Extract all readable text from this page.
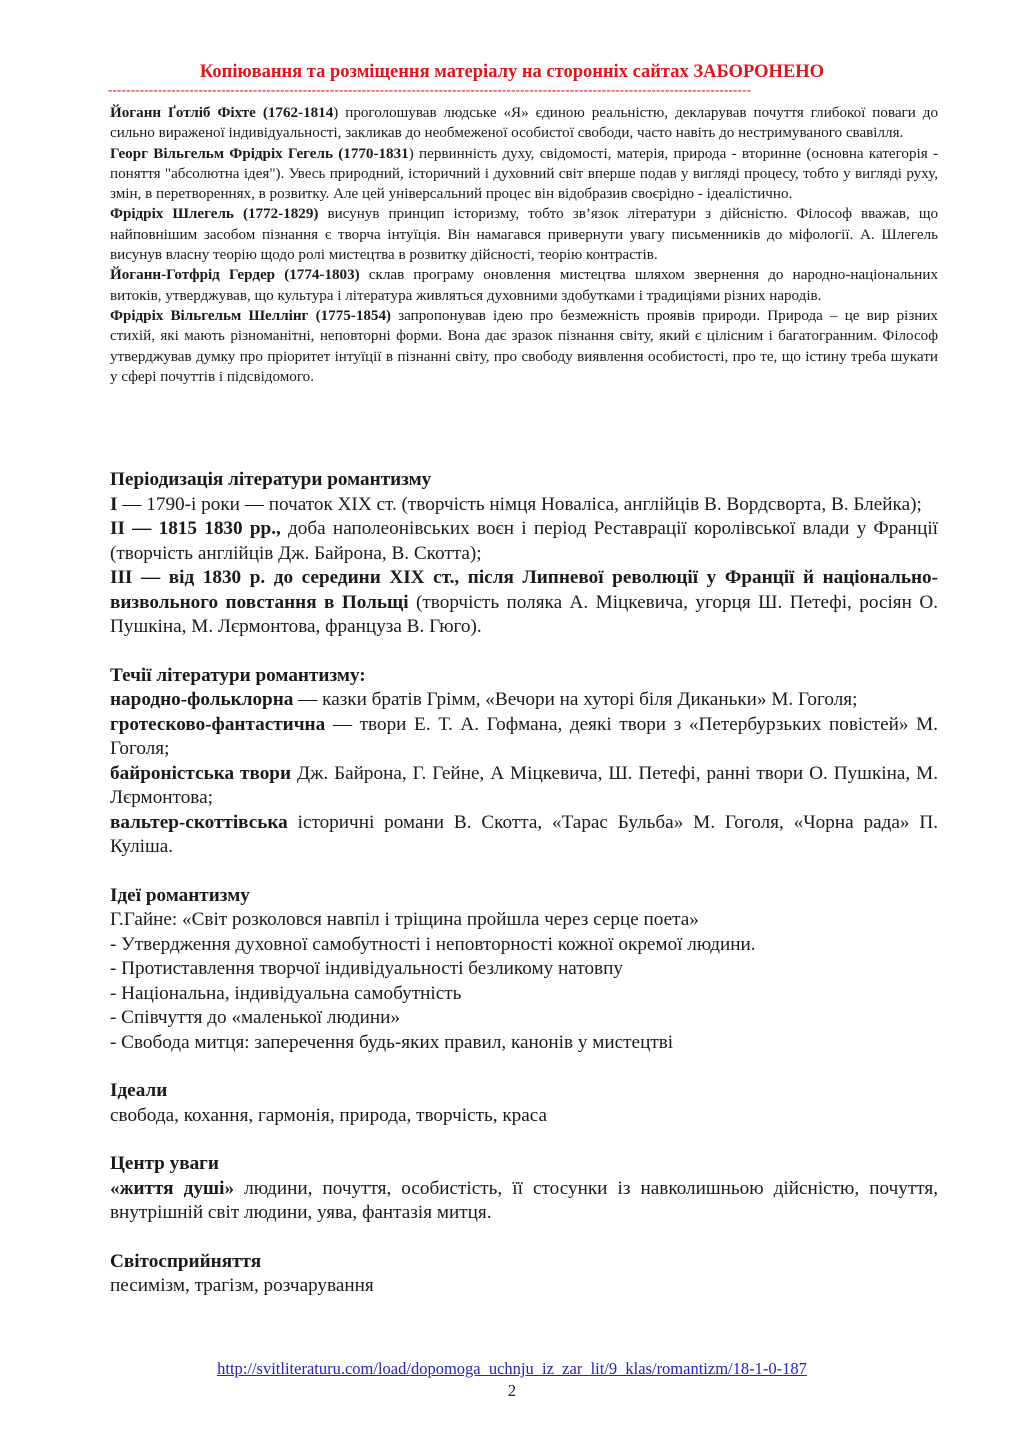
Копіювання та розміщення матеріалу на сторонніх сайтах ЗАБОРОНЕНО
----------------------------------------------------------------------------------------------------------------------------------------------

Йоганн Ґотліб Фіхте (1762-1814) проголошував людське «Я» єдиною реальністю, декларував почуття глибокої поваги до сильно вираженої індивідуальності, закликав до необмеженої особистої свободи, часто навіть до нестримуваного свавілля.

Георг Вільгельм Фрідріх Гегель (1770-1831) первинність духу, свідомості, матерія, природа - вторинне (основна категорія - поняття "абсолютна ідея"). Увесь природний, історичний і духовний світ вперше подав у вигляді процесу, тобто у вигляді руху, змін, в перетвореннях, в розвитку. Але цей універсальний процес він відобразив своєрідно - ідеалістично.

Фрідріх Шлегель (1772-1829) висунув принцип історизму, тобто зв’язок літератури з дійсністю. Філософ вважав, що найповнішим засобом пізнання є творча інтуїція. Він намагався привернути увагу письменників до міфології. А. Шлегель висунув власну теорію щодо ролі мистецтва в розвитку дійсності, теорію контрастів.

Йоганн-Готфрід Гердер (1774-1803) склав програму оновлення мистецтва шляхом звернення до народно-національних витоків, утверджував, що культура і література живляться духовними здобутками і традиціями різних народів.

Фрідріх Вільгельм Шеллінг (1775-1854) запропонував ідею про безмежність проявів природи. Природа – це вир різних стихій, які мають різноманітні, неповторні форми. Вона дає зразок пізнання світу, який є цілісним і багатогранним. Філософ утверджував думку про пріоритет інтуїції в пізнанні світу, про свободу виявлення особистості, про те, що істину треба шукати у сфері почуттів і підсвідомого.

Періодизація літератури романтизму

І — 1790-і роки — початок XIX ст. (творчість німця Новаліса, англійців В. Вордсворта, В. Блейка);

II — 1815 1830 рр., доба наполеонівських воєн і період Реставрації королівської влади у Франції (творчість англійців Дж. Байрона, В. Скотта);

III — від 1830 р. до середини XIX ст., після Липневої революції у Франції й національно-визвольного повстання в Польщі (творчість поляка А. Міцкевича, угорця Ш. Петефі, росіян О. Пушкіна, М. Лєрмонтова, француза В. Гюго).

Течії літератури романтизму:

народно-фольклорна — казки братів Грімм, «Вечори на хуторі біля Диканьки» М. Гоголя;

гротесково-фантастична — твори Е. Т. А. Гофмана, деякі твори з «Петербурзьких повістей» М. Гоголя;

байроністська твори Дж. Байрона, Г. Гейне, А Міцкевича, Ш. Петефі, ранні твори О. Пушкіна, М. Лєрмонтова;

вальтер-скоттівська історичні романи В. Скотта, «Тарас Бульба» М. Гоголя, «Чорна рада» П. Куліша.

Ідеї романтизму

Г.Гайне: «Світ розколовся навпіл і тріщина пройшла через серце поета»

- Утвердження духовної самобутності і неповторності кожної окремої людини.

- Протиставлення творчої індивідуальності безликому натовпу

- Національна, індивідуальна самобутність

- Співчуття до «маленької людини»

- Свобода митця: заперечення будь-яких правил, канонів у мистецтві

Ідеали

свобода, кохання, гармонія, природа, творчість, краса

Центр уваги

«життя душі» людини, почуття, особистість, її стосунки із навколишньою дійсністю, почуття, внутрішній світ людини, уява, фантазія митця.

Світосприйняття

песимізм, трагізм, розчарування

http://svitliteraturu.com/load/dopomoga_uchnju_iz_zar_lit/9_klas/romantizm/18-1-0-187
2
